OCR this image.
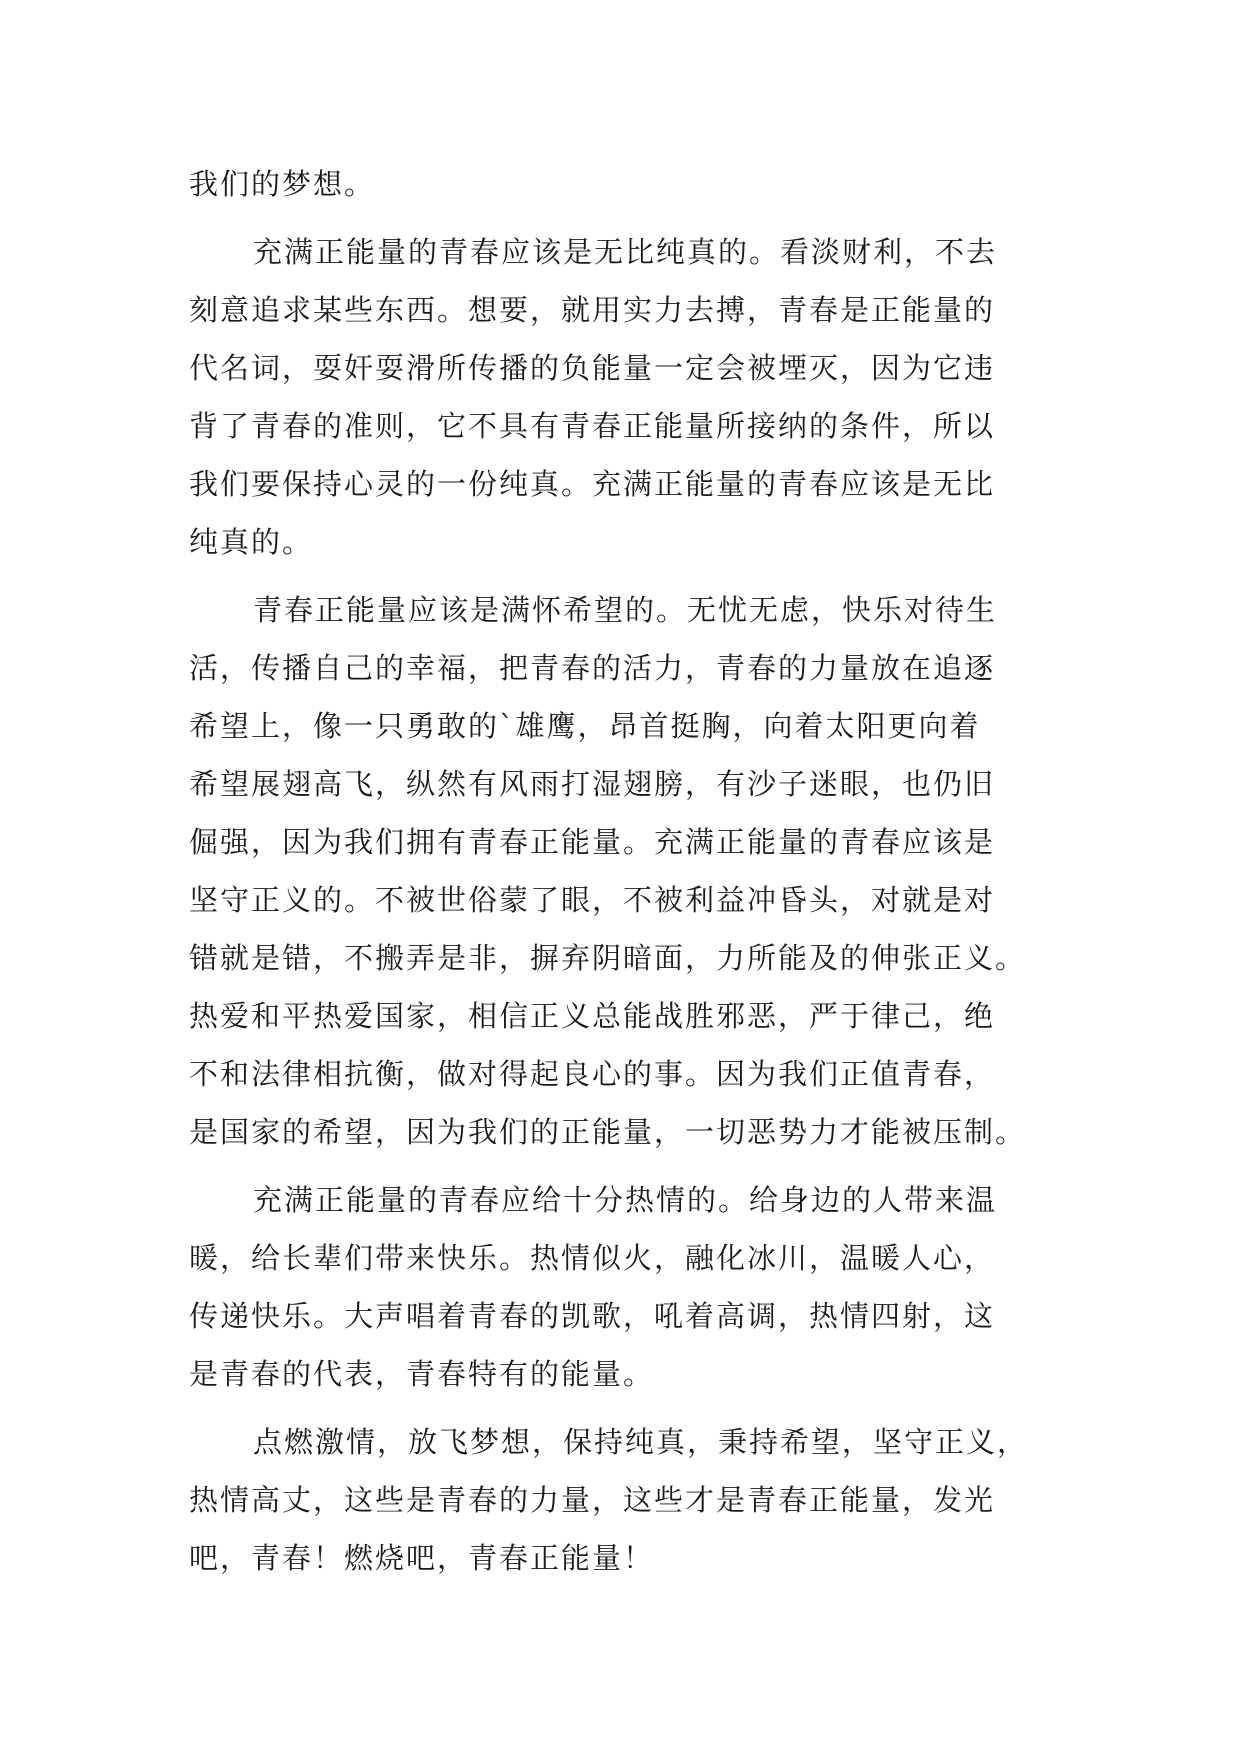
我们的梦想。
充满正能量的青春应该是无比纯真的。看淡财利，不去
刻意追求某些东西。想要，就用实力去搏，青春是正能量的
代名词，耍奸耍滑所传播的负能量一定会被堙灭，因为它违
背了青春的准则，它不具有青春正能量所接纳的条件，所以
我们要保持心灵的一份纯真。充满正能量的青春应该是无比
纯真的。
青春正能量应该是满怀希望的。无忧无虑，快乐对待生
活，传播自己的幸福，把青春的活力，青春的力量放在追逐
希望上，像一只勇敢的`雄鹰，昂首挺胸，向着太阳更向着
希望展翅高飞，纵然有风雨打湿翅膀，有沙子迷眼，也仍旧
倔强，因为我们拥有青春正能量。充满正能量的青春应该是
坚守正义的。不被世俗蒙了眼，不被利益冲昏头，对就是对
错就是错，不搬弄是非，摒弃阴暗面，力所能及的伸张正义。
热爱和平热爱国家，相信正义总能战胜邪恶，严于律己，绝
不和法律相抗衡，做对得起良心的事。因为我们正值青春，
是国家的希望，因为我们的正能量，一切恶势力才能被压制。
充满正能量的青春应给十分热情的。给身边的人带来温
暖，给长辈们带来快乐。热情似火，融化冰川，温暖人心，
传递快乐。大声唱着青春的凯歌，吼着高调，热情四射，这
是青春的代表，青春特有的能量。
点燃激情，放飞梦想，保持纯真，秉持希望，坚守正义，
热情高丈，这些是青春的力量，这些才是青春正能量，发光
吧，青春！燃烧吧，青春正能量！
